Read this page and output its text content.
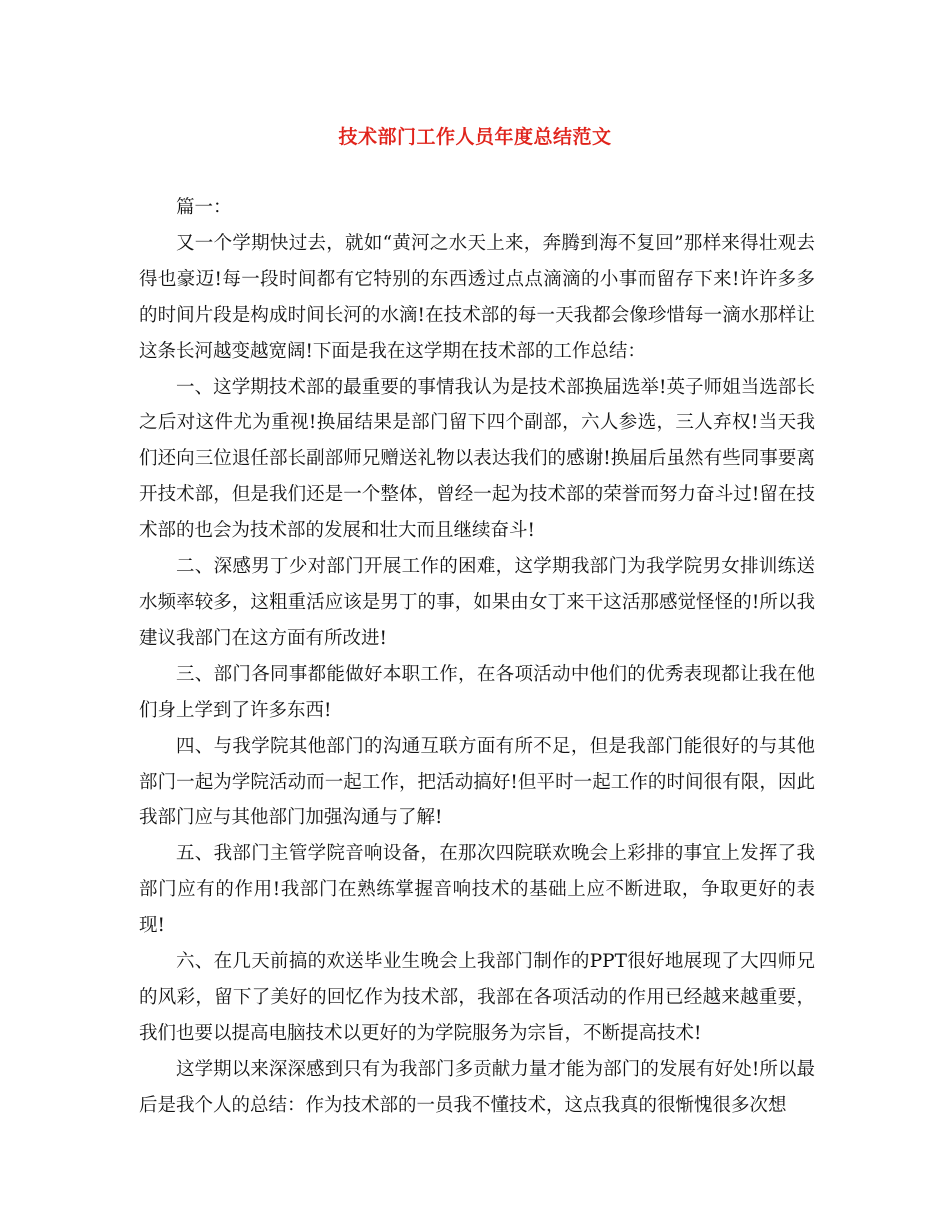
技术部门工作人员年度总结范文

篇一：

又一个学期快过去，就如“黄河之水天上来，奔腾到海不复回”那样来得壮观去得也豪迈!每一段时间都有它特别的东西透过点点滴滴的小事而留存下来!许许多多的时间片段是构成时间长河的水滴!在技术部的每一天我都会像珍惜每一滴水那样让这条长河越变越宽阔!下面是我在这学期在技术部的工作总结：

一、这学期技术部的最重要的事情我认为是技术部换届选举!英子师姐当选部长之后对这件尤为重视!换届结果是部门留下四个副部，六人参选，三人弃权!当天我们还向三位退任部长副部师兄赠送礼物以表达我们的感谢!换届后虽然有些同事要离开技术部，但是我们还是一个整体，曾经一起为技术部的荣誉而努力奋斗过!留在技术部的也会为技术部的发展和壮大而且继续奋斗!

二、深感男丁少对部门开展工作的困难，这学期我部门为我学院男女排训练送水频率较多，这粗重活应该是男丁的事，如果由女丁来干这活那感觉怪怪的!所以我建议我部门在这方面有所改进!

三、部门各同事都能做好本职工作，在各项活动中他们的优秀表现都让我在他们身上学到了许多东西!

四、与我学院其他部门的沟通互联方面有所不足，但是我部门能很好的与其他部门一起为学院活动而一起工作，把活动搞好!但平时一起工作的时间很有限，因此我部门应与其他部门加强沟通与了解!

五、我部门主管学院音响设备，在那次四院联欢晚会上彩排的事宜上发挥了我部门应有的作用!我部门在熟练掌握音响技术的基础上应不断进取，争取更好的表现!

六、在几天前搞的欢送毕业生晚会上我部门制作的PPT很好地展现了大四师兄的风彩，留下了美好的回忆作为技术部，我部在各项活动的作用已经越来越重要，我们也要以提高电脑技术以更好的为学院服务为宗旨，不断提高技术!

这学期以来深深感到只有为我部门多贡献力量才能为部门的发展有好处!所以最后是我个人的总结：作为技术部的一员我不懂技术，这点我真的很惭愧很多次想
